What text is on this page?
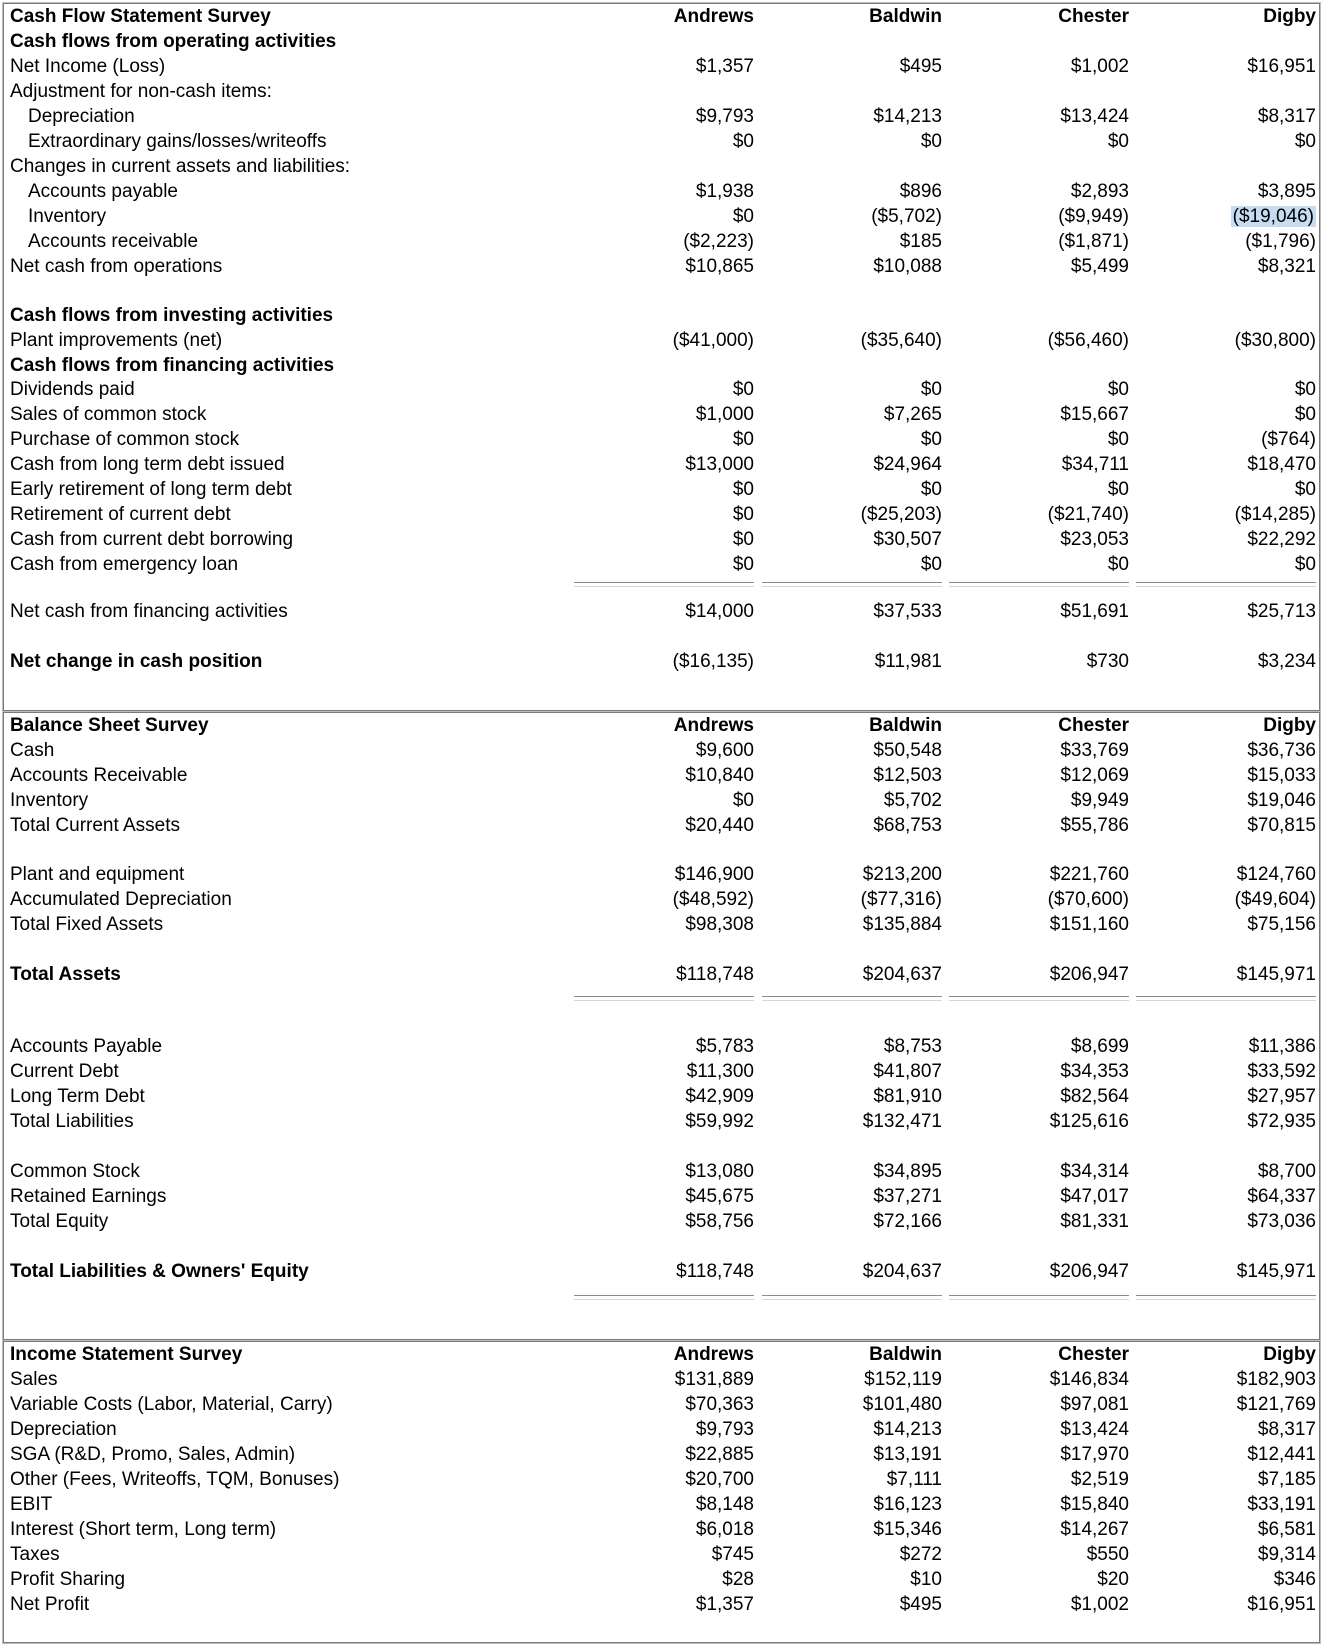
Cash Flow Statement Survey	Andrews	Baldwin	Chester	Digby
Cash flows from operating activities
Net Income (Loss)	$1,357	$495	$1,002	$16,951
Adjustment for non-cash items:
Depreciation	$9,793	$14,213	$13,424	$8,317
Extraordinary gains/losses/writeoffs	$0	$0	$0	$0
Changes in current assets and liabilities:
Accounts payable	$1,938	$896	$2,893	$3,895
Inventory	$0	($5,702)	($9,949)	($19,046)
Accounts receivable	($2,223)	$185	($1,871)	($1,796)
Net cash from operations	$10,865	$10,088	$5,499	$8,321
Cash flows from investing activities
Plant improvements (net)	($41,000)	($35,640)	($56,460)	($30,800)
Cash flows from financing activities
Dividends paid	$0	$0	$0	$0
Sales of common stock	$1,000	$7,265	$15,667	$0
Purchase of common stock	$0	$0	$0	($764)
Cash from long term debt issued	$13,000	$24,964	$34,711	$18,470
Early retirement of long term debt	$0	$0	$0	$0
Retirement of current debt	$0	($25,203)	($21,740)	($14,285)
Cash from current debt borrowing	$0	$30,507	$23,053	$22,292
Cash from emergency loan	$0	$0	$0	$0
Net cash from financing activities	$14,000	$37,533	$51,691	$25,713
Net change in cash position	($16,135)	$11,981	$730	$3,234
Balance Sheet Survey	Andrews	Baldwin	Chester	Digby
Cash	$9,600	$50,548	$33,769	$36,736
Accounts Receivable	$10,840	$12,503	$12,069	$15,033
Inventory	$0	$5,702	$9,949	$19,046
Total Current Assets	$20,440	$68,753	$55,786	$70,815
Plant and equipment	$146,900	$213,200	$221,760	$124,760
Accumulated Depreciation	($48,592)	($77,316)	($70,600)	($49,604)
Total Fixed Assets	$98,308	$135,884	$151,160	$75,156
Total Assets	$118,748	$204,637	$206,947	$145,971
Accounts Payable	$5,783	$8,753	$8,699	$11,386
Current Debt	$11,300	$41,807	$34,353	$33,592
Long Term Debt	$42,909	$81,910	$82,564	$27,957
Total Liabilities	$59,992	$132,471	$125,616	$72,935
Common Stock	$13,080	$34,895	$34,314	$8,700
Retained Earnings	$45,675	$37,271	$47,017	$64,337
Total Equity	$58,756	$72,166	$81,331	$73,036
Total Liabilities & Owners' Equity	$118,748	$204,637	$206,947	$145,971
Income Statement Survey	Andrews	Baldwin	Chester	Digby
Sales	$131,889	$152,119	$146,834	$182,903
Variable Costs (Labor, Material, Carry)	$70,363	$101,480	$97,081	$121,769
Depreciation	$9,793	$14,213	$13,424	$8,317
SGA (R&D, Promo, Sales, Admin)	$22,885	$13,191	$17,970	$12,441
Other (Fees, Writeoffs, TQM, Bonuses)	$20,700	$7,111	$2,519	$7,185
EBIT	$8,148	$16,123	$15,840	$33,191
Interest (Short term, Long term)	$6,018	$15,346	$14,267	$6,581
Taxes	$745	$272	$550	$9,314
Profit Sharing	$28	$10	$20	$346
Net Profit	$1,357	$495	$1,002	$16,951
